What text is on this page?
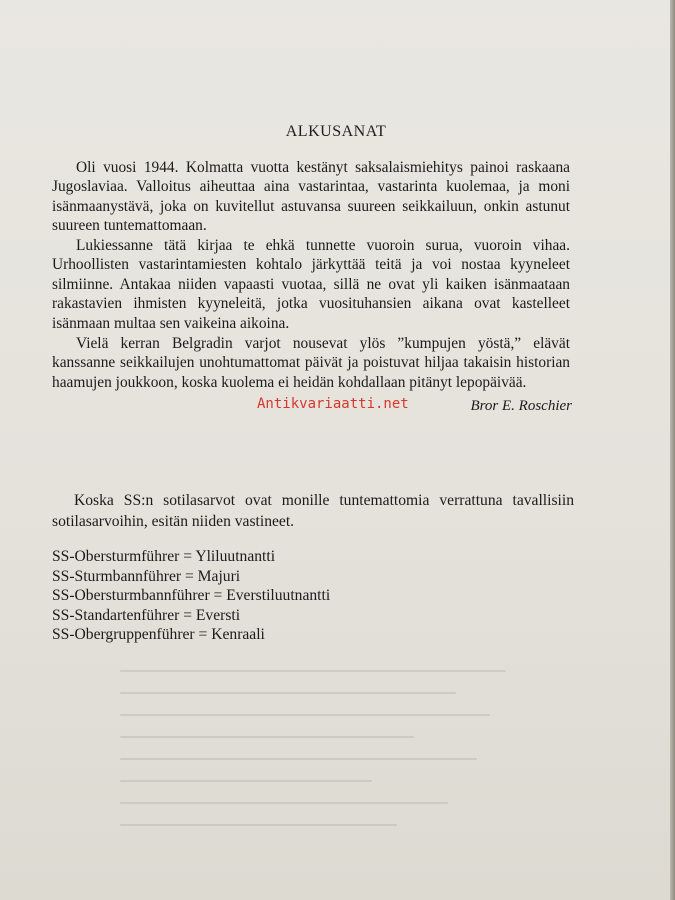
ALKUSANAT

Oli vuosi 1944. Kolmatta vuotta kestänyt saksalaismiehitys painoi raskaana Jugoslaviaa. Valloitus aiheuttaa aina vastarintaa, vastarinta kuolemaa, ja moni isänmaanystävä, joka on kuvitellut astuvansa suureen seikkailuun, onkin astunut suureen tuntemattomaan.

Lukiessanne tätä kirjaa te ehkä tunnette vuoroin surua, vuoroin vihaa. Urhoollisten vastarintamiesten kohtalo järkyttää teitä ja voi nostaa kyyneleet silmiinne. Antakaa niiden vapaasti vuotaa, sillä ne ovat yli kaiken isänmaataan rakastavien ihmisten kyyneleitä, jotka vuosituhansien aikana ovat kastelleet isänmaan multaa sen vaikeina aikoina.

Vielä kerran Belgradin varjot nousevat ylös ”kumpujen yöstä,” elävät kanssanne seikkailujen unohtumattomat päivät ja poistuvat hiljaa takaisin historian haamujen joukkoon, koska kuolema ei heidän kohdallaan pitänyt lepopäivää.

Antikvariaatti.net	Bror E. Roschier

Koska SS:n sotilasarvot ovat monille tuntemattomia verrattuna tavallisiin sotilasarvoihin, esitän niiden vastineet.

SS-Obersturmführer = Yliluutnantti
SS-Sturmbannführer = Majuri
SS-Obersturmbannführer = Everstiluutnantti
SS-Standartenführer = Eversti
SS-Obergruppenführer = Kenraali
